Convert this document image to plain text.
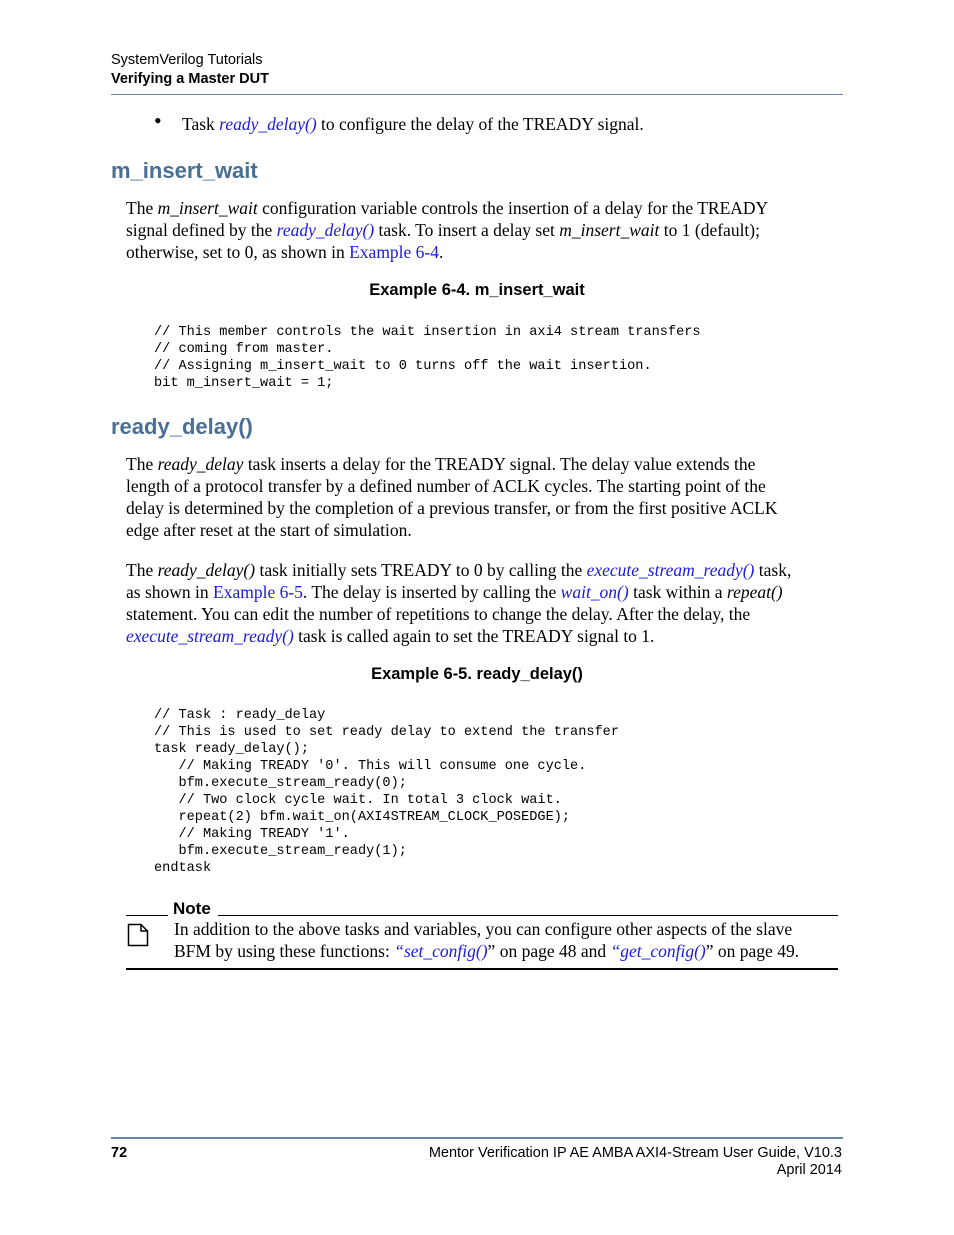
SystemVerilog Tutorials
Verifying a Master DUT
• Task ready_delay() to configure the delay of the TREADY signal.
m_insert_wait
The m_insert_wait configuration variable controls the insertion of a delay for the TREADY
signal defined by the ready_delay() task. To insert a delay set m_insert_wait to 1 (default);
otherwise, set to 0, as shown in Example 6-4.
Example 6-4. m_insert_wait
// This member controls the wait insertion in axi4 stream transfers
// coming from master.
// Assigning m_insert_wait to 0 turns off the wait insertion.
bit m_insert_wait = 1;
ready_delay()
The ready_delay task inserts a delay for the TREADY signal. The delay value extends the
length of a protocol transfer by a defined number of ACLK cycles. The starting point of the
delay is determined by the completion of a previous transfer, or from the first positive ACLK
edge after reset at the start of simulation.
The ready_delay() task initially sets TREADY to 0 by calling the execute_stream_ready() task,
as shown in Example 6-5. The delay is inserted by calling the wait_on() task within a repeat()
statement. You can edit the number of repetitions to change the delay. After the delay, the
execute_stream_ready() task is called again to set the TREADY signal to 1.
Example 6-5. ready_delay()
// Task : ready_delay
// This is used to set ready delay to extend the transfer
task ready_delay();
// Making TREADY '0'. This will consume one cycle.
bfm.execute_stream_ready(0);
// Two clock cycle wait. In total 3 clock wait.
repeat(2) bfm.wait_on(AXI4STREAM_CLOCK_POSEDGE);
// Making TREADY '1'.
bfm.execute_stream_ready(1);
endtask
Note
In addition to the above tasks and variables, you can configure other aspects of the slave
BFM by using these functions: “set_config()” on page 48 and “get_config()” on page 49.
72	Mentor Verification IP AE AMBA AXI4-Stream User Guide, V10.3
April 2014
